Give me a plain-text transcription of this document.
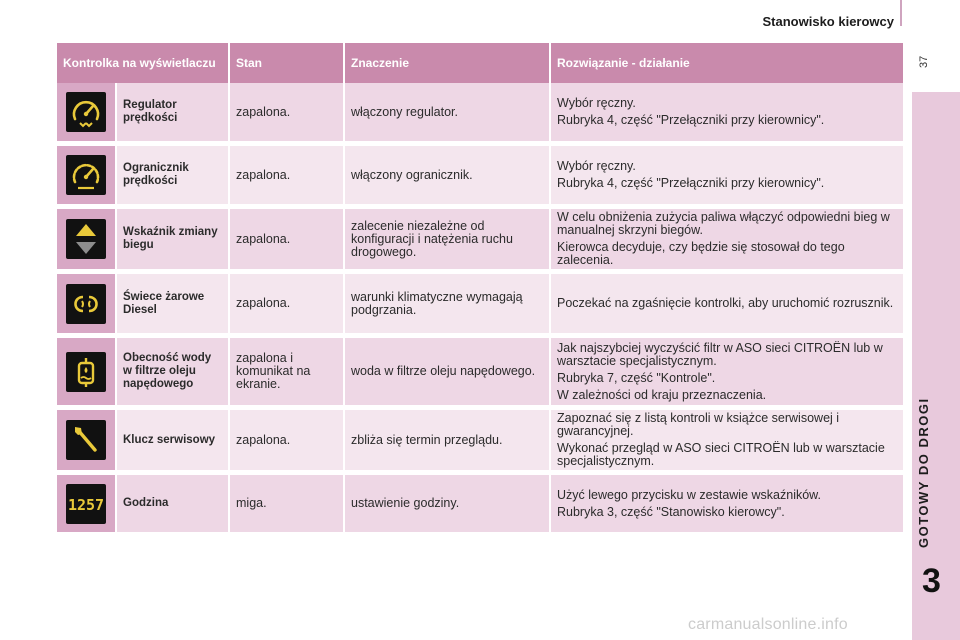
Stanowisko kierowcy
37
GOTOWY DO DROGI
3
Kontrolka na wyświetlaczu		Stan	Znaczenie	Rozwiązanie - działanie

	Regulator prędkości	zapalona.	włączony regulator.	Wybór ręczny.

Rubryka 4, część "Przełączniki przy kierownicy".

	Ogranicznik prędkości	zapalona.	włączony ogranicznik.	Wybór ręczny.

Rubryka 4, część "Przełączniki przy kierownicy".

	Wskaźnik zmiany biegu	zapalona.	zalecenie niezależne od konfiguracji i natężenia ruchu drogowego.	W celu obniżenia zużycia paliwa włączyć odpowiedni bieg w manualnej skrzyni biegów.

Kierowca decyduje, czy będzie się stosował do tego zalecenia.

	Świece żarowe Diesel	zapalona.	warunki klimatyczne wymagają podgrzania.	Poczekać na zgaśnięcie kontrolki, aby uruchomić rozrusznik.

	Obecność wody w filtrze oleju napędowego	zapalona i komunikat na ekranie.	woda w filtrze oleju napędowego.	Jak najszybciej wyczyścić filtr w ASO sieci CITROËN lub w warsztacie specjalistycznym.

Rubryka 7, część "Kontrole".

W zależności od kraju przeznaczenia.

	Klucz serwisowy	zapalona.	zbliża się termin przeglądu.	Zapoznać się z listą kontroli w książce serwisowej i gwarancyjnej.

Wykonać przegląd w ASO sieci CITROËN lub w warsztacie specjalistycznym.

1257	Godzina	miga.	ustawienie godziny.	Użyć lewego przycisku w zestawie wskaźników.

Rubryka 3, część "Stanowisko kierowcy".

carmanualsonline.info
